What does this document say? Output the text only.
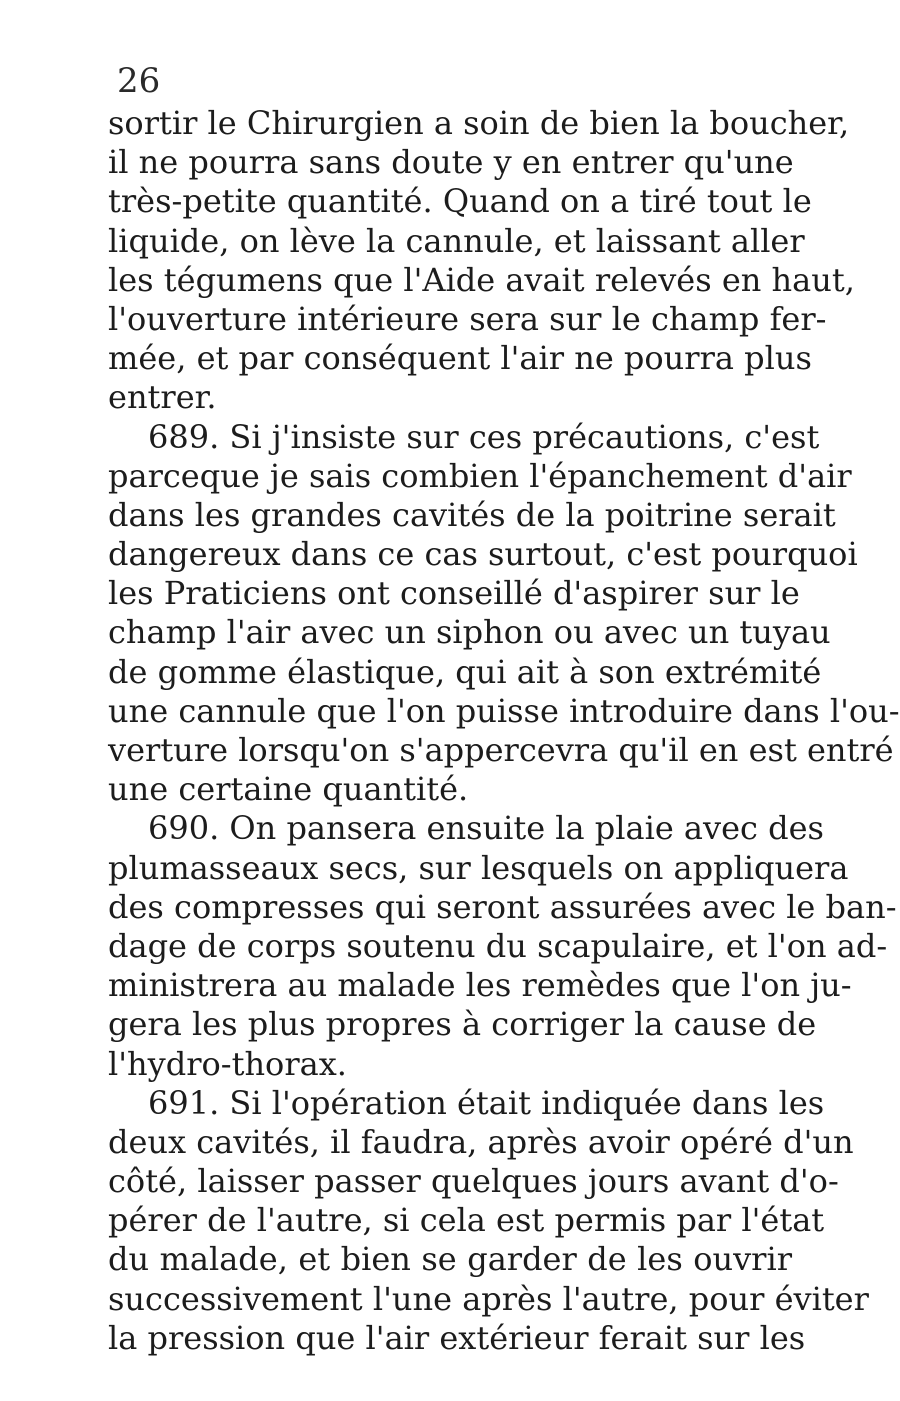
26
sortir le Chirurgien a soin de bien la boucher,
il ne pourra sans doute y en entrer qu'une
très-petite quantité. Quand on a tiré tout le
liquide, on lève la cannule, et laissant aller
les tégumens que l'Aide avait relevés en haut,
l'ouverture intérieure sera sur le champ fer-
mée, et par conséquent l'air ne pourra plus
entrer.
689. Si j'insiste sur ces précautions, c'est
parceque je sais combien l'épanchement d'air
dans les grandes cavités de la poitrine serait
dangereux dans ce cas surtout, c'est pourquoi
les Praticiens ont conseillé d'aspirer sur le
champ l'air avec un siphon ou avec un tuyau
de gomme élastique, qui ait à son extrémité
une cannule que l'on puisse introduire dans l'ou-
verture lorsqu'on s'appercevra qu'il en est entré
une certaine quantité.
690. On pansera ensuite la plaie avec des
plumasseaux secs, sur lesquels on appliquera
des compresses qui seront assurées avec le ban-
dage de corps soutenu du scapulaire, et l'on ad-
ministrera au malade les remèdes que l'on ju-
gera les plus propres à corriger la cause de
l'hydro-thorax.
691. Si l'opération était indiquée dans les
deux cavités, il faudra, après avoir opéré d'un
côté, laisser passer quelques jours avant d'o-
pérer de l'autre, si cela est permis par l'état
du malade, et bien se garder de les ouvrir
successivement l'une après l'autre, pour éviter
la pression que l'air extérieur ferait sur les
